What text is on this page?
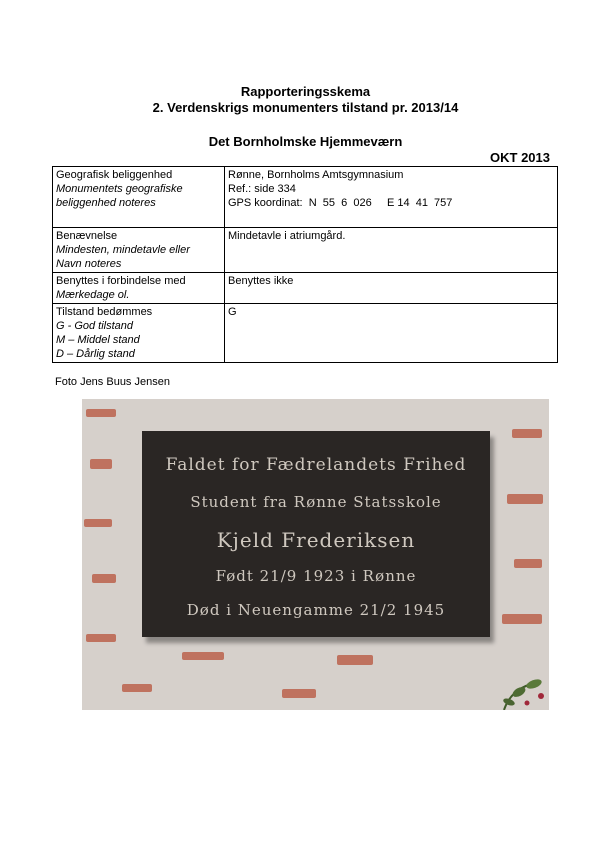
Rapporteringsskema
2. Verdenskrigs monumenters tilstand pr. 2013/14
Det Bornholmske Hjemmeværn
OKT 2013
Geografisk beliggenhed
Monumentets geografiske
beliggenhed noteres	Rønne, Bornholms Amtsgymnasium
Ref.: side 334
GPS koordinat:  N  55  6  026     E 14  41  757

Benævnelse
Mindesten, mindetavle eller
Navn noteres	Mindetavle i atriumgård.

Benyttes i forbindelse med
Mærkedage ol.	Benyttes ikke

Tilstand bedømmes
G - God tilstand
M – Middel stand
D – Dårlig stand	G
Foto Jens Buus Jensen
Faldet for Fædrelandets Frihed
Student fra Rønne Statsskole
Kjeld Frederiksen
Født 21/9 1923 i Rønne
Død i Neuengamme 21/2 1945
